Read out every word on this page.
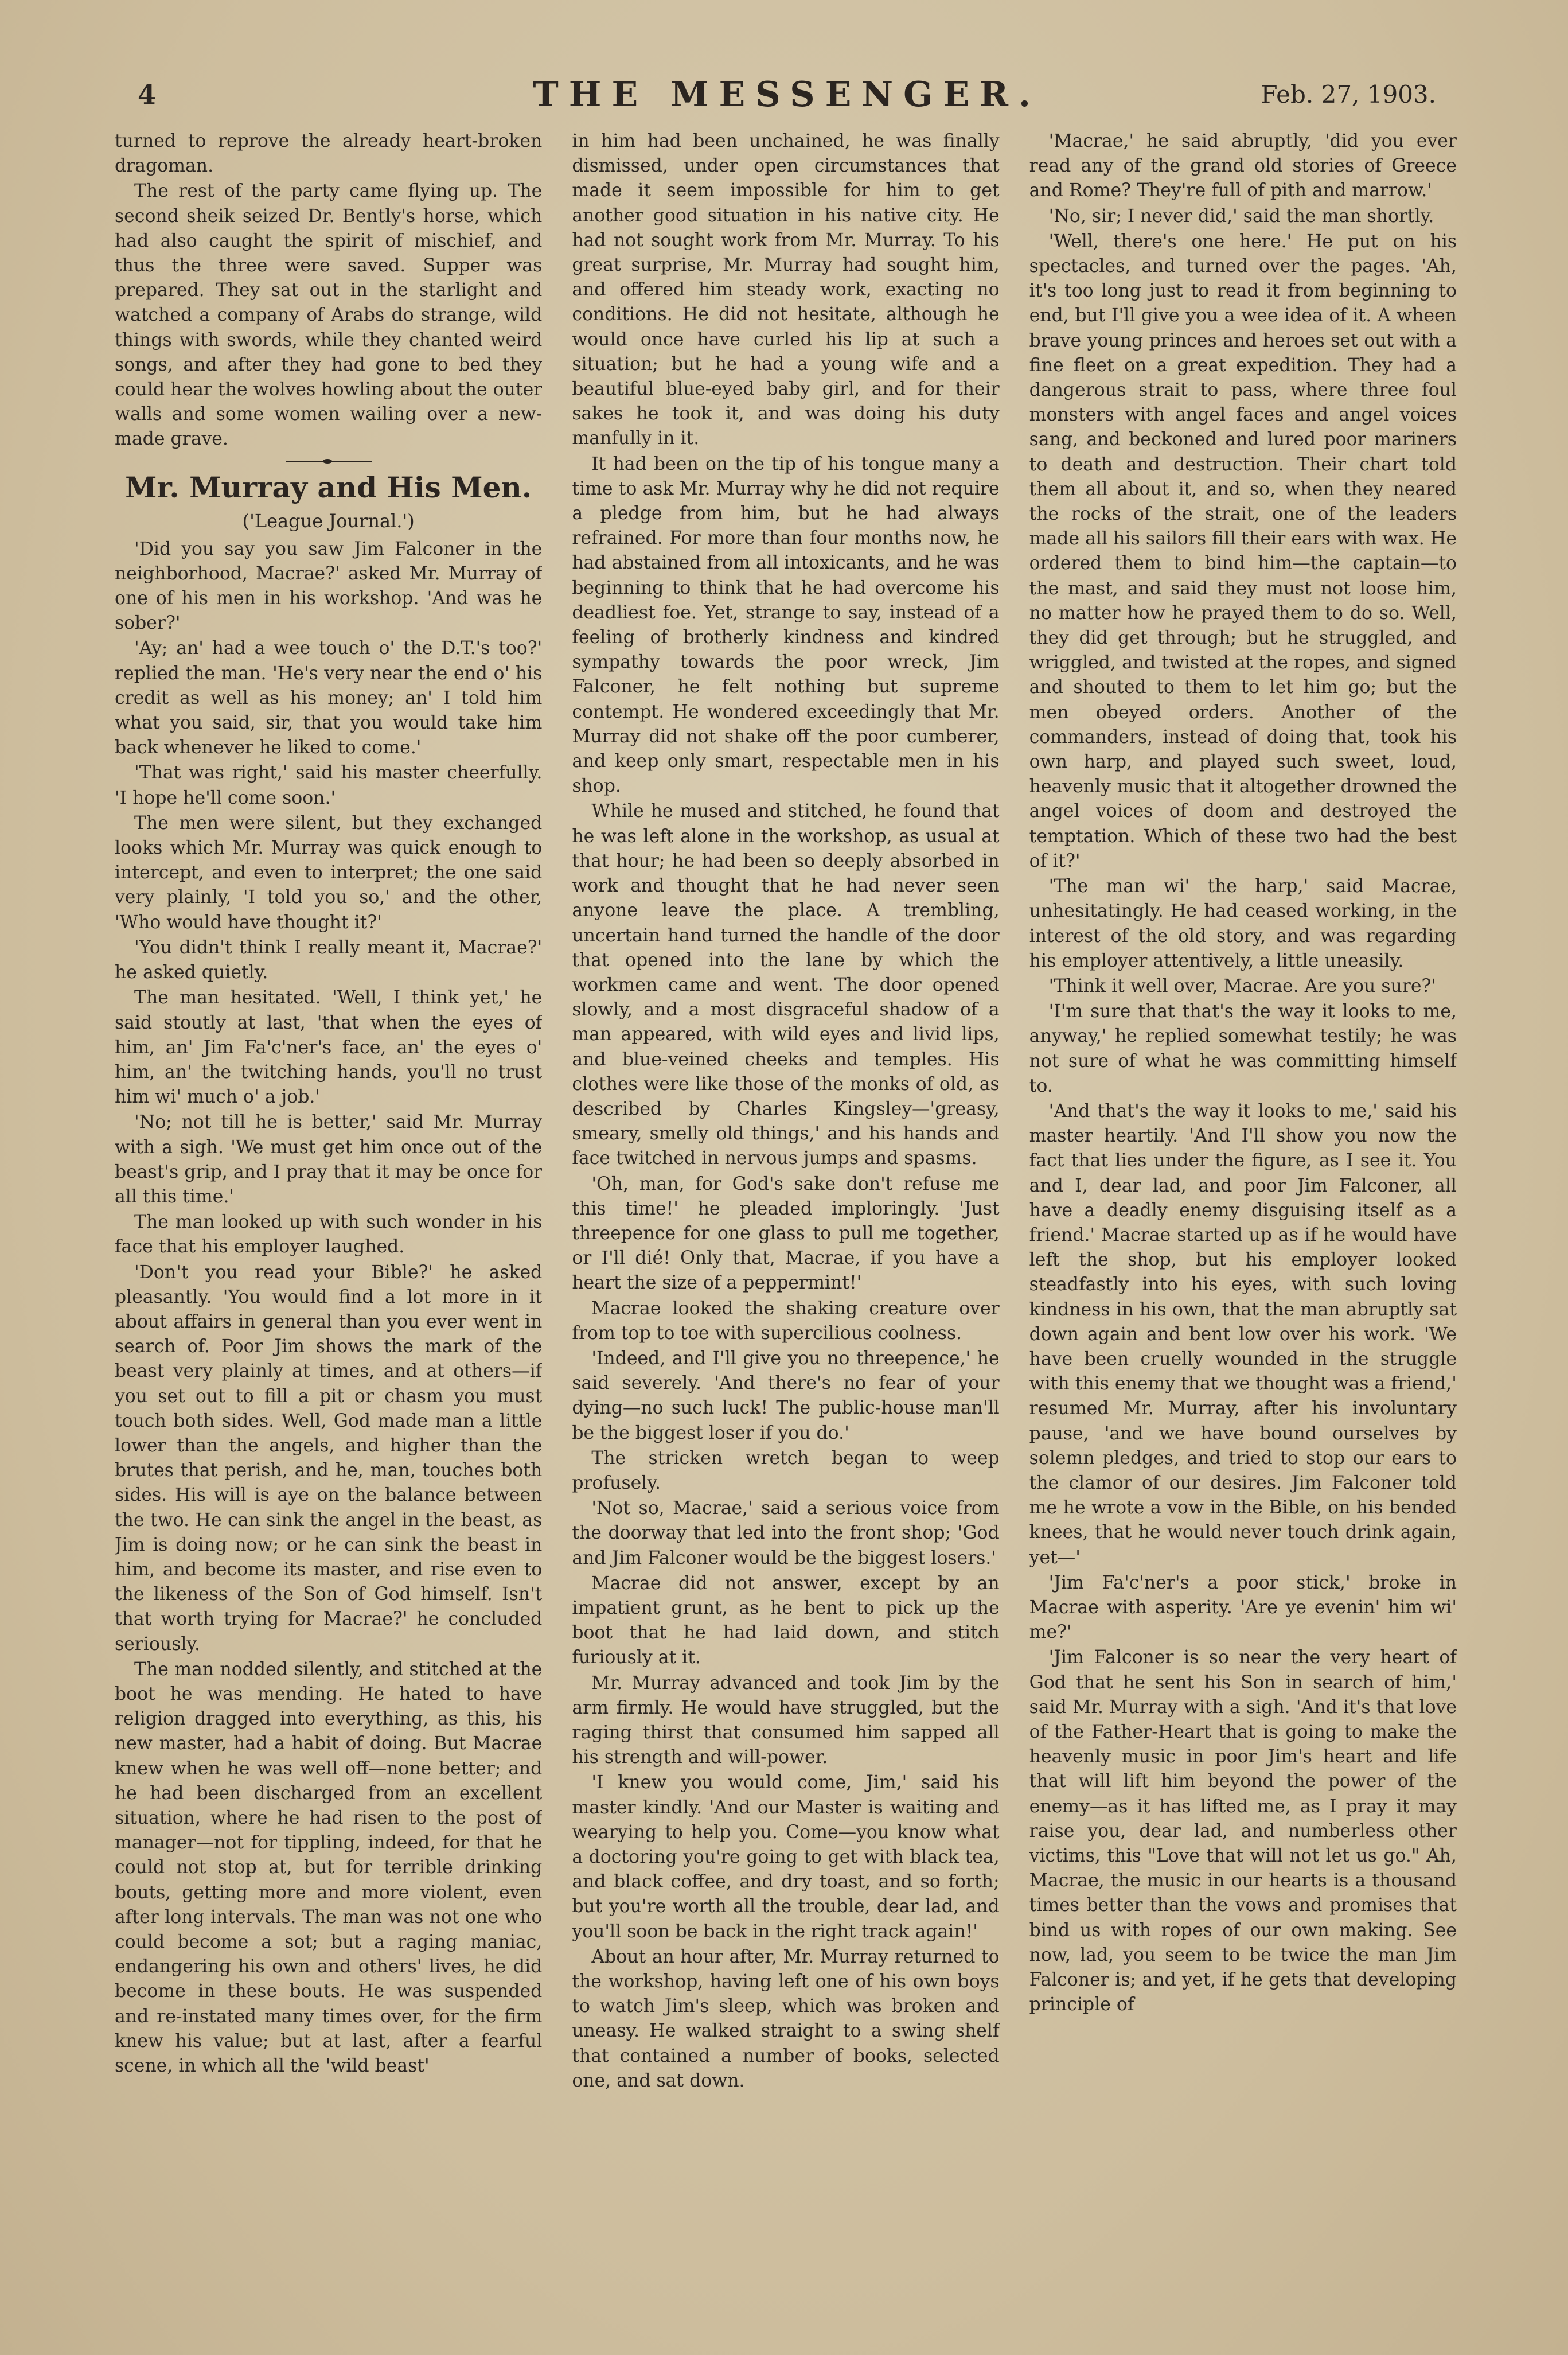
4	THE MESSENGER.	Feb. 27, 1903.

turned to reprove the already heart-broken dragoman.

The rest of the party came flying up. The second sheik seized Dr. Bently's horse, which had also caught the spirit of mischief, and thus the three were saved. Supper was prepared. They sat out in the starlight and watched a company of Arabs do strange, wild things with swords, while they chanted weird songs, and after they had gone to bed they could hear the wolves howling about the outer walls and some women wailing over a new-made grave.

Mr. Murray and His Men.
('League Journal.')

'Did you say you saw Jim Falconer in the neighborhood, Macrae?' asked Mr. Murray of one of his men in his workshop. 'And was he sober?'

'Ay; an' had a wee touch o' the D.T.'s too?' replied the man. 'He's very near the end o' his credit as well as his money; an' I told him what you said, sir, that you would take him back whenever he liked to come.'

'That was right,' said his master cheerfully. 'I hope he'll come soon.'

The men were silent, but they exchanged looks which Mr. Murray was quick enough to intercept, and even to interpret; the one said very plainly, 'I told you so,' and the other, 'Who would have thought it?'

'You didn't think I really meant it, Macrae?' he asked quietly.

The man hesitated. 'Well, I think yet,' he said stoutly at last, 'that when the eyes of him, an' Jim Fa'c'ner's face, an' the eyes o' him, an' the twitching hands, you'll no trust him wi' much o' a job.'

'No; not till he is better,' said Mr. Murray with a sigh. 'We must get him once out of the beast's grip, and I pray that it may be once for all this time.'

The man looked up with such wonder in his face that his employer laughed.

'Don't you read your Bible?' he asked pleasantly. 'You would find a lot more in it about affairs in general than you ever went in search of. Poor Jim shows the mark of the beast very plainly at times, and at others—if you set out to fill a pit or chasm you must touch both sides. Well, God made man a little lower than the angels, and higher than the brutes that perish, and he, man, touches both sides. His will is aye on the balance between the two. He can sink the angel in the beast, as Jim is doing now; or he can sink the beast in him, and become its master, and rise even to the likeness of the Son of God himself. Isn't that worth trying for Macrae?' he concluded seriously.

The man nodded silently, and stitched at the boot he was mending. He hated to have religion dragged into everything, as this, his new master, had a habit of doing. But Macrae knew when he was well off—none better; and he had been discharged from an excellent situation, where he had risen to the post of manager—not for tippling, indeed, for that he could not stop at, but for terrible drinking bouts, getting more and more violent, even after long intervals. The man was not one who could become a sot; but a raging maniac, endangering his own and others' lives, he did become in these bouts. He was suspended and re-instated many times over, for the firm knew his value; but at last, after a fearful scene, in which all the 'wild beast'

in him had been unchained, he was finally dismissed, under open circumstances that made it seem impossible for him to get another good situation in his native city. He had not sought work from Mr. Murray. To his great surprise, Mr. Murray had sought him, and offered him steady work, exacting no conditions. He did not hesitate, although he would once have curled his lip at such a situation; but he had a young wife and a beautiful blue-eyed baby girl, and for their sakes he took it, and was doing his duty manfully in it.

It had been on the tip of his tongue many a time to ask Mr. Murray why he did not require a pledge from him, but he had always refrained. For more than four months now, he had abstained from all intoxicants, and he was beginning to think that he had overcome his deadliest foe. Yet, strange to say, instead of a feeling of brotherly kindness and kindred sympathy towards the poor wreck, Jim Falconer, he felt nothing but supreme contempt. He wondered exceedingly that Mr. Murray did not shake off the poor cumberer, and keep only smart, respectable men in his shop.

While he mused and stitched, he found that he was left alone in the workshop, as usual at that hour; he had been so deeply absorbed in work and thought that he had never seen anyone leave the place. A trembling, uncertain hand turned the handle of the door that opened into the lane by which the workmen came and went. The door opened slowly, and a most disgraceful shadow of a man appeared, with wild eyes and livid lips, and blue-veined cheeks and temples. His clothes were like those of the monks of old, as described by Charles Kingsley—'greasy, smeary, smelly old things,' and his hands and face twitched in nervous jumps and spasms.

'Oh, man, for God's sake don't refuse me this time!' he pleaded imploringly. 'Just threepence for one glass to pull me together, or I'll dié! Only that, Macrae, if you have a heart the size of a peppermint!'

Macrae looked the shaking creature over from top to toe with supercilious coolness.

'Indeed, and I'll give you no threepence,' he said severely. 'And there's no fear of your dying—no such luck! The public-house man'll be the biggest loser if you do.'

The stricken wretch began to weep profusely.

'Not so, Macrae,' said a serious voice from the doorway that led into the front shop; 'God and Jim Falconer would be the biggest losers.'

Macrae did not answer, except by an impatient grunt, as he bent to pick up the boot that he had laid down, and stitch furiously at it.

Mr. Murray advanced and took Jim by the arm firmly. He would have struggled, but the raging thirst that consumed him sapped all his strength and will-power.

'I knew you would come, Jim,' said his master kindly. 'And our Master is waiting and wearying to help you. Come—you know what a doctoring you're going to get with black tea, and black coffee, and dry toast, and so forth; but you're worth all the trouble, dear lad, and you'll soon be back in the right track again!'

About an hour after, Mr. Murray returned to the workshop, having left one of his own boys to watch Jim's sleep, which was broken and uneasy. He walked straight to a swing shelf that contained a number of books, selected one, and sat down.

'Macrae,' he said abruptly, 'did you ever read any of the grand old stories of Greece and Rome? They're full of pith and marrow.'

'No, sir; I never did,' said the man shortly.

'Well, there's one here.' He put on his spectacles, and turned over the pages. 'Ah, it's too long just to read it from beginning to end, but I'll give you a wee idea of it. A wheen brave young princes and heroes set out with a fine fleet on a great expedition. They had a dangerous strait to pass, where three foul monsters with angel faces and angel voices sang, and beckoned and lured poor mariners to death and destruction. Their chart told them all about it, and so, when they neared the rocks of the strait, one of the leaders made all his sailors fill their ears with wax. He ordered them to bind him—the captain—to the mast, and said they must not loose him, no matter how he prayed them to do so. Well, they did get through; but he struggled, and wriggled, and twisted at the ropes, and signed and shouted to them to let him go; but the men obeyed orders. Another of the commanders, instead of doing that, took his own harp, and played such sweet, loud, heavenly music that it altogether drowned the angel voices of doom and destroyed the temptation. Which of these two had the best of it?'

'The man wi' the harp,' said Macrae, unhesitatingly. He had ceased working, in the interest of the old story, and was regarding his employer attentively, a little uneasily.

'Think it well over, Macrae. Are you sure?'

'I'm sure that that's the way it looks to me, anyway,' he replied somewhat testily; he was not sure of what he was committing himself to.

'And that's the way it looks to me,' said his master heartily. 'And I'll show you now the fact that lies under the figure, as I see it. You and I, dear lad, and poor Jim Falconer, all have a deadly enemy disguising itself as a friend.' Macrae started up as if he would have left the shop, but his employer looked steadfastly into his eyes, with such loving kindness in his own, that the man abruptly sat down again and bent low over his work. 'We have been cruelly wounded in the struggle with this enemy that we thought was a friend,' resumed Mr. Murray, after his involuntary pause, 'and we have bound ourselves by solemn pledges, and tried to stop our ears to the clamor of our desires. Jim Falconer told me he wrote a vow in the Bible, on his bended knees, that he would never touch drink again, yet—'

'Jim Fa'c'ner's a poor stick,' broke in Macrae with asperity. 'Are ye evenin' him wi' me?'

'Jim Falconer is so near the very heart of God that he sent his Son in search of him,' said Mr. Murray with a sigh. 'And it's that love of the Father-Heart that is going to make the heavenly music in poor Jim's heart and life that will lift him beyond the power of the enemy—as it has lifted me, as I pray it may raise you, dear lad, and numberless other victims, this "Love that will not let us go." Ah, Macrae, the music in our hearts is a thousand times better than the vows and promises that bind us with ropes of our own making. See now, lad, you seem to be twice the man Jim Falconer is; and yet, if he gets that developing principle of
